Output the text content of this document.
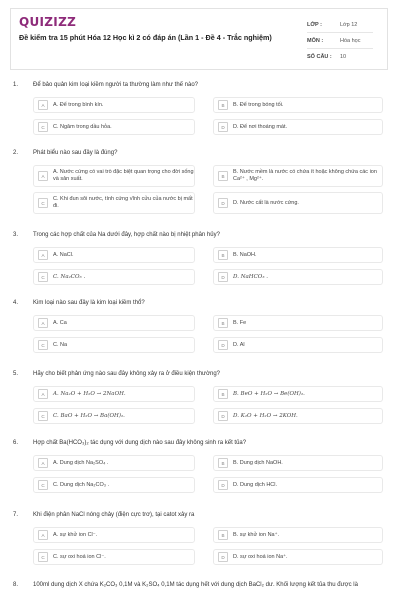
QUIZIZZ
Đề kiểm tra 15 phút Hóa 12 Học kì 2 có đáp án (Lần 1 - Đề 4 - Trắc nghiệm)
LỚP :	Lớp 12
MÔN :	Hóa học
SỐ CÂU :	10
1. Để bảo quản kim loại kiềm người ta thường làm như thế nào?
A	A. Để trong bình kín.	B	B. Để trong bóng tối.
C	C. Ngâm trong dầu hỏa.	D	D. Để nơi thoáng mát.
2. Phát biểu nào sau đây là đúng?
A
A. Nước cứng có vai trò đặc biệt quan trọng cho đời sống và sản xuất.	B
B. Nước mềm là nước có chứa ít hoặc không chứa các ion Ca²⁺ , Mg²⁺.
C
C. Khi đun sôi nước, tính cứng vĩnh cửu của nước bị mất đi.	D	D. Nước cất là nước cứng.
3. Trong các hợp chất của Na dưới đây, hợp chất nào bị nhiệt phân hủy?
A	A. NaCl.	B	B. NaOH.
C	C. Na₂CO₃ .	D	D. NaHCO₃ .
4. Kim loại nào sau đây là kim loại kiềm thổ?
A	A. Ca	B	B. Fe
C	C. Na	D	D. Al
5. Hãy cho biết phản ứng nào sau đây không xảy ra ở điều kiện thường?
A	A. Na₂O + H₂O → 2NaOH.	B	B. BeO + H₂O → Be(OH)₂.
C	C. BaO + H₂O → Ba(OH)₂.	D	D. K₂O + H₂O → 2KOH.
6. Hợp chất Ba(HCO₃)₂ tác dụng với dung dịch nào sau đây không sinh ra kết tủa?
A	A. Dung dịch Na₂SO₄ .	B	B. Dung dịch NaOH.
C	C. Dung dịch Na₂CO₃ .	D	D. Dung dịch HCl.
7. Khi điện phân NaCl nóng chảy (điện cực trơ), tại catot xảy ra
A	A. sự khử ion Cl⁻.	B	B. sự khử ion Na⁺.
C	C. sự oxi hoá ion Cl⁻.	D	D. sự oxi hoá ion Na⁺.
8. 100ml dung dịch X chứa K₂CO₃ 0,1M và K₂SO₄ 0,1M tác dụng hết với dung dịch BaCl₂ dư. Khối lượng kết tủa thu được là
